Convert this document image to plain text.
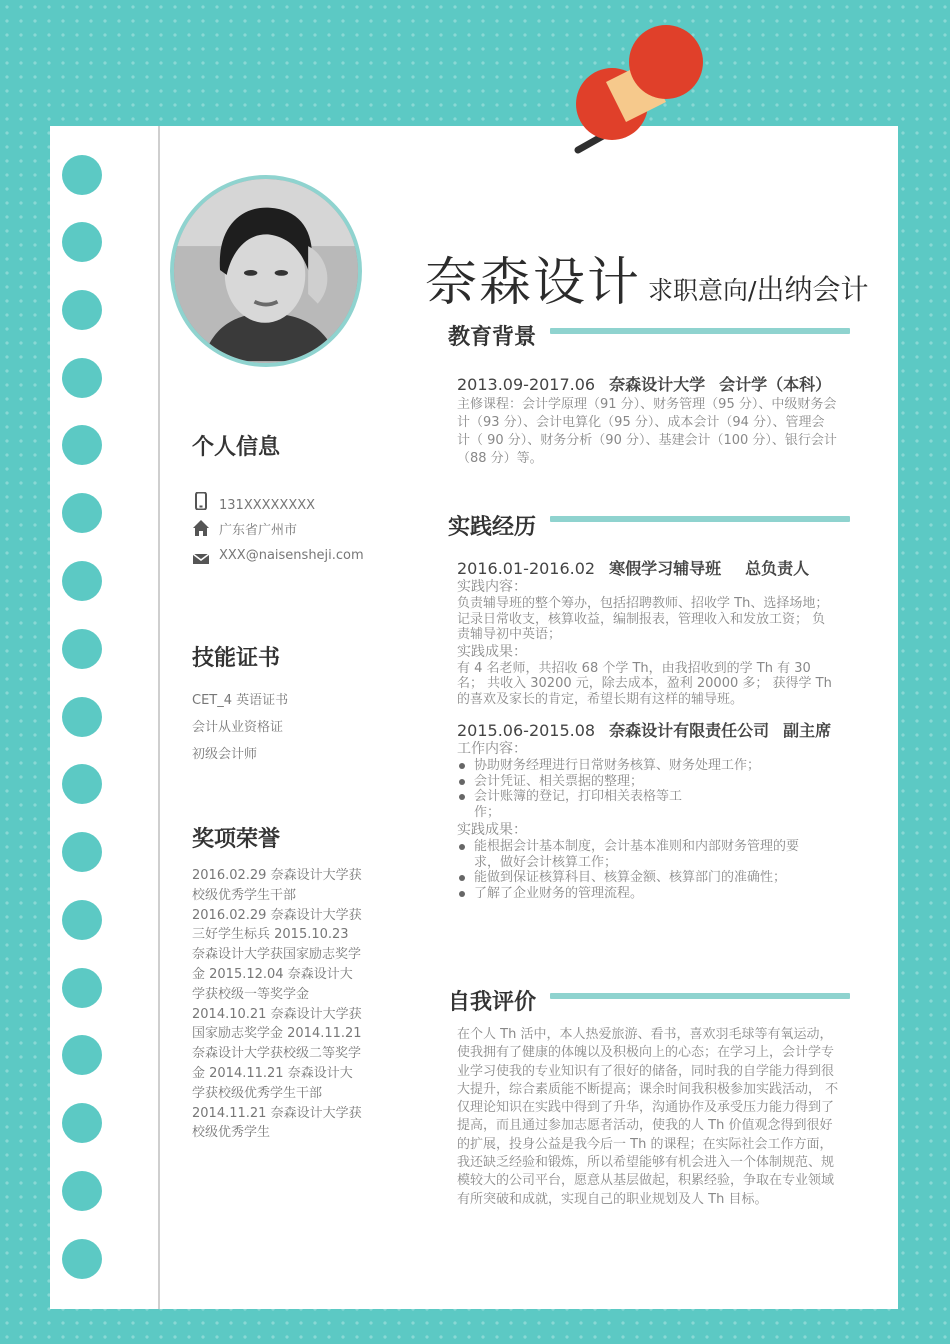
奈森设计 求职意向/出纳会计
教育背景
2013.09-2017.06 奈森设计大学 会计学（本科）
主修课程：会计学原理（91 分）、财务管理（95 分）、中级财务会计（93 分）、会计电算化（95 分）、成本会计（94 分）、管理会计（ 90 分）、财务分析（90 分）、基建会计（100 分）、银行会计（88 分）等。
实践经历
2016.01-2016.02 寒假学习辅导班 总负责人
实践内容：
负责辅导班的整个筹办，包括招聘教师、招收学 Th、选择场地；记录日常收支，核算收益，编制报表，管理收入和发放工资； 负责辅导初中英语；
实践成果：
有 4 名老师，共招收 68 个学 Th，由我招收到的学 Th 有 30 名； 共收入 30200 元，除去成本，盈利 20000 多； 获得学 Th 的喜欢及家长的肯定，希望长期有这样的辅导班。
2015.06-2015.08 奈森设计有限责任公司 副主席
工作内容：
协助财务经理进行日常财务核算、财务处理工作；
会计凭证、相关票据的整理；
会计账簿的登记，打印相关表格等工作；
实践成果：
能根据会计基本制度，会计基本准则和内部财务管理的要求，做好会计核算工作；
能做到保证核算科目、核算金额、核算部门的准确性；
了解了企业财务的管理流程。
自我评价
在个人 Th 活中，本人热爱旅游、看书，喜欢羽毛球等有氧运动，使我拥有了健康的体魄以及积极向上的心态；在学习上，会计学专业学习使我的专业知识有了很好的储备，同时我的自学能力得到很大提升，综合素质能不断提高；课余时间我积极参加实践活动， 不仅理论知识在实践中得到了升华，沟通协作及承受压力能力得到了提高，而且通过参加志愿者活动，使我的人 Th 价值观念得到很好的扩展，投身公益是我今后一 Th 的课程；在实际社会工作方面，我还缺乏经验和锻炼，所以希望能够有机会进入一个体制规范、规模较大的公司平台，愿意从基层做起，积累经验，争取在专业领域有所突破和成就，实现自己的职业规划及人 Th 目标。
个人信息
131XXXXXXXX
广东省广州市
XXX@naisensheji.com
技能证书
CET_4 英语证书
会计从业资格证
初级会计师
奖项荣誉
2016.02.29 奈森设计大学获校级优秀学生干部 2016.02.29 奈森设计大学获三好学生标兵 2015.10.23 奈森设计大学获国家励志奖学金 2015.12.04 奈森设计大学获校级一等奖学金 2014.10.21 奈森设计大学获国家励志奖学金 2014.11.21 奈森设计大学获校级二等奖学金 2014.11.21 奈森设计大学获校级优秀学生干部 2014.11.21 奈森设计大学获校级优秀学生
